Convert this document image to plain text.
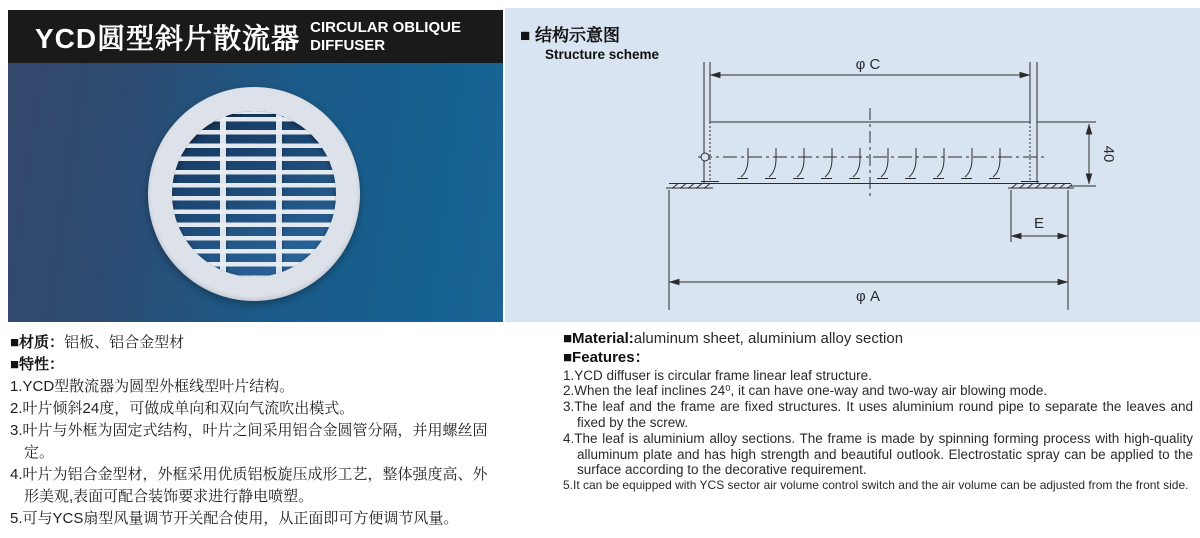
YCD圆型斜片散流器 CIRCULAR OBLIQUE
DIFFUSER
φ C
40
E
φ A
■ 结构示意图
Structure scheme
■材质：铝板、铝合金型材
■特性：
1.YCD型散流器为圆型外框线型叶片结构。
2.叶片倾斜24度，可做成单向和双向气流吹出模式。
3.叶片与外框为固定式结构，叶片之间采用铝合金圆管分隔，并用螺丝固定。
4.叶片为铝合金型材，外框采用优质铝板旋压成形工艺，整体强度高、外形美观,表面可配合装饰要求进行静电喷塑。
5.可与YCS扇型风量调节开关配合使用，从正面即可方便调节风量。
■Material:aluminum sheet, aluminium alloy section
■Features：
1.YCD diffuser is circular frame linear leaf structure.
2.When the leaf inclines 24⁰, it can have one-way and two-way air blowing mode.
3.The leaf and the frame are fixed structures. It uses aluminium round pipe to separate the leaves and fixed by the screw.
4.The leaf is aluminium alloy sections. The frame is made by spinning forming process with high-quality alluminum plate and has high strength and beautiful outlook. Electrostatic spray can be applied to the surface according to the decorative requirement.
5.It can be equipped with YCS sector air volume control switch and the air volume can be adjusted from the front side.
